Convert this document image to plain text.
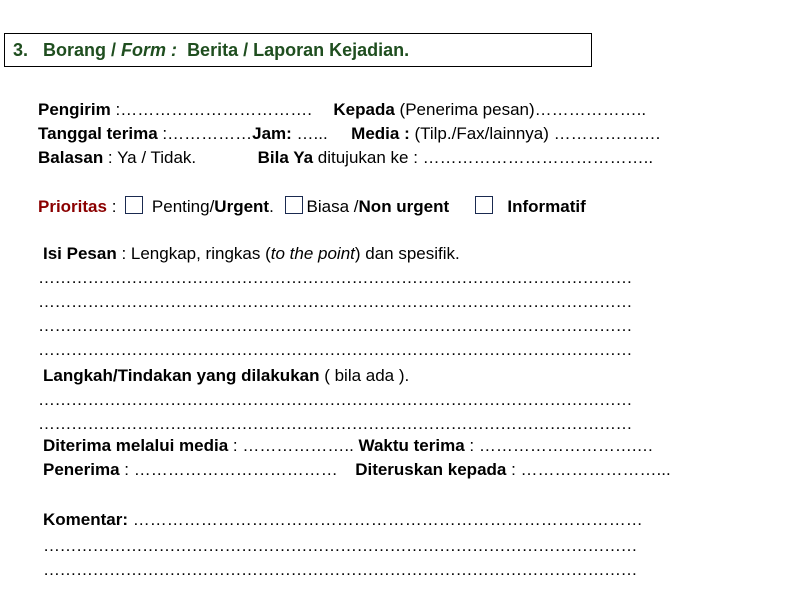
3. Borang / Form : Berita / Laporan Kejadian.
Pengirim :……………………………. Kepada (Penerima pesan)………………..
Tanggal terima :……………Jam: …... Media : (Tilp./Fax/lainnya) ……………….
Balasan : Ya / Tidak.	Bila Ya ditujukan ke : …………………………………..
Prioritas : Penting/Urgent. Biasa /Non urgent	Informatif
Isi Pesan : Lengkap, ringkas (to the point) dan spesifik.
………………………………………………………………………………………………
………………………………………………………………………………………………
………………………………………………………………………………………………
………………………………………………………………………………………………
Langkah/Tindakan yang dilakukan ( bila ada ).
………………………………………………………………………………………………
………………………………………………………………………………………………
Diterima melalui media : ……………….. Waktu terima : ……………………….…
Penerima : ………………………………  Diteruskan kepada : ……………………...
Komentar: ………………………………………………………………………………
………………………………………………………………………………………………
………………………………………………………………………………………………
